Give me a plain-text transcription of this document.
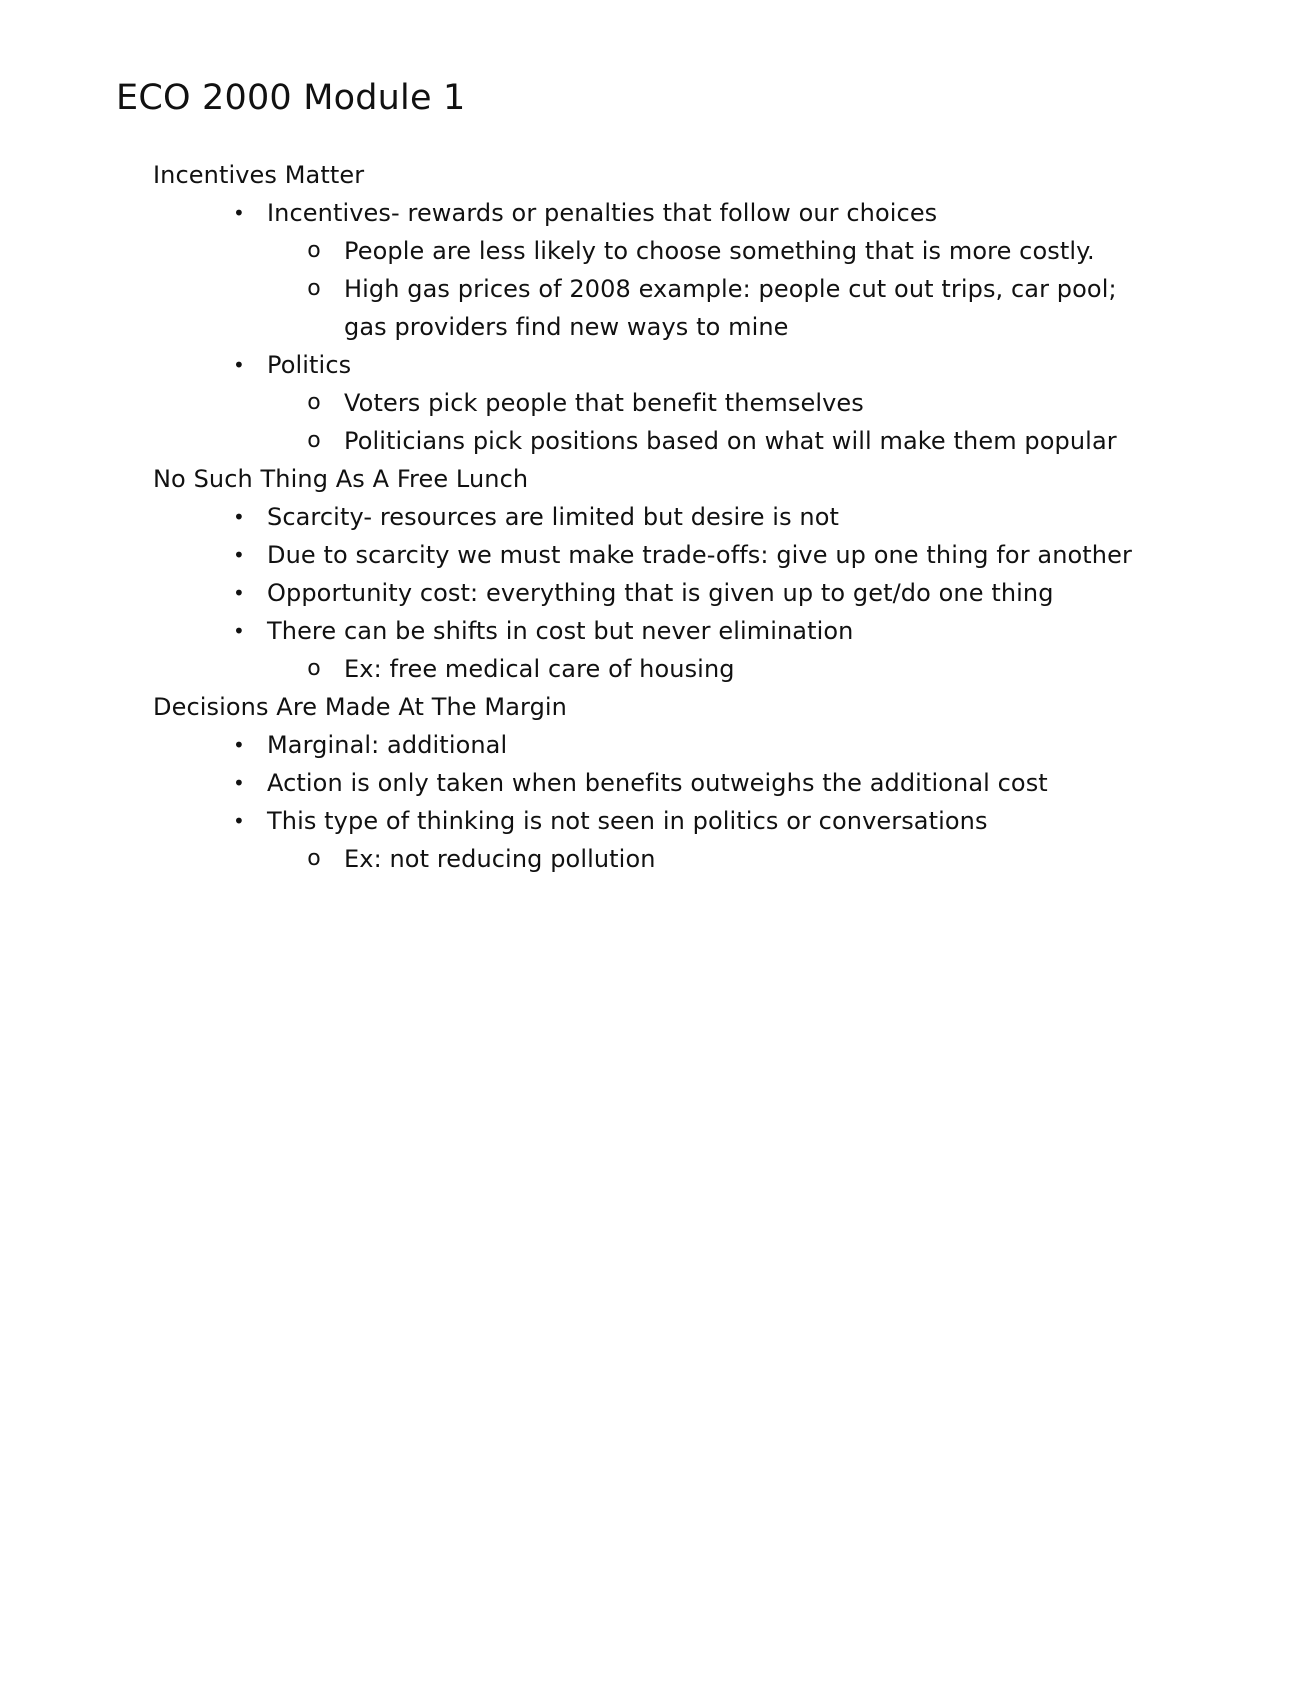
ECO 2000 Module 1
Incentives Matter
• Incentives- rewards or penalties that follow our choices
o People are less likely to choose something that is more costly.
o High gas prices of 2008 example: people cut out trips, car pool; gas providers find new ways to mine
• Politics
o Voters pick people that benefit themselves
o Politicians pick positions based on what will make them popular
No Such Thing As A Free Lunch
• Scarcity- resources are limited but desire is not
• Due to scarcity we must make trade-offs: give up one thing for another
• Opportunity cost: everything that is given up to get/do one thing
• There can be shifts in cost but never elimination
o Ex: free medical care of housing
Decisions Are Made At The Margin
• Marginal: additional
• Action is only taken when benefits outweighs the additional cost
• This type of thinking is not seen in politics or conversations
o Ex: not reducing pollution
